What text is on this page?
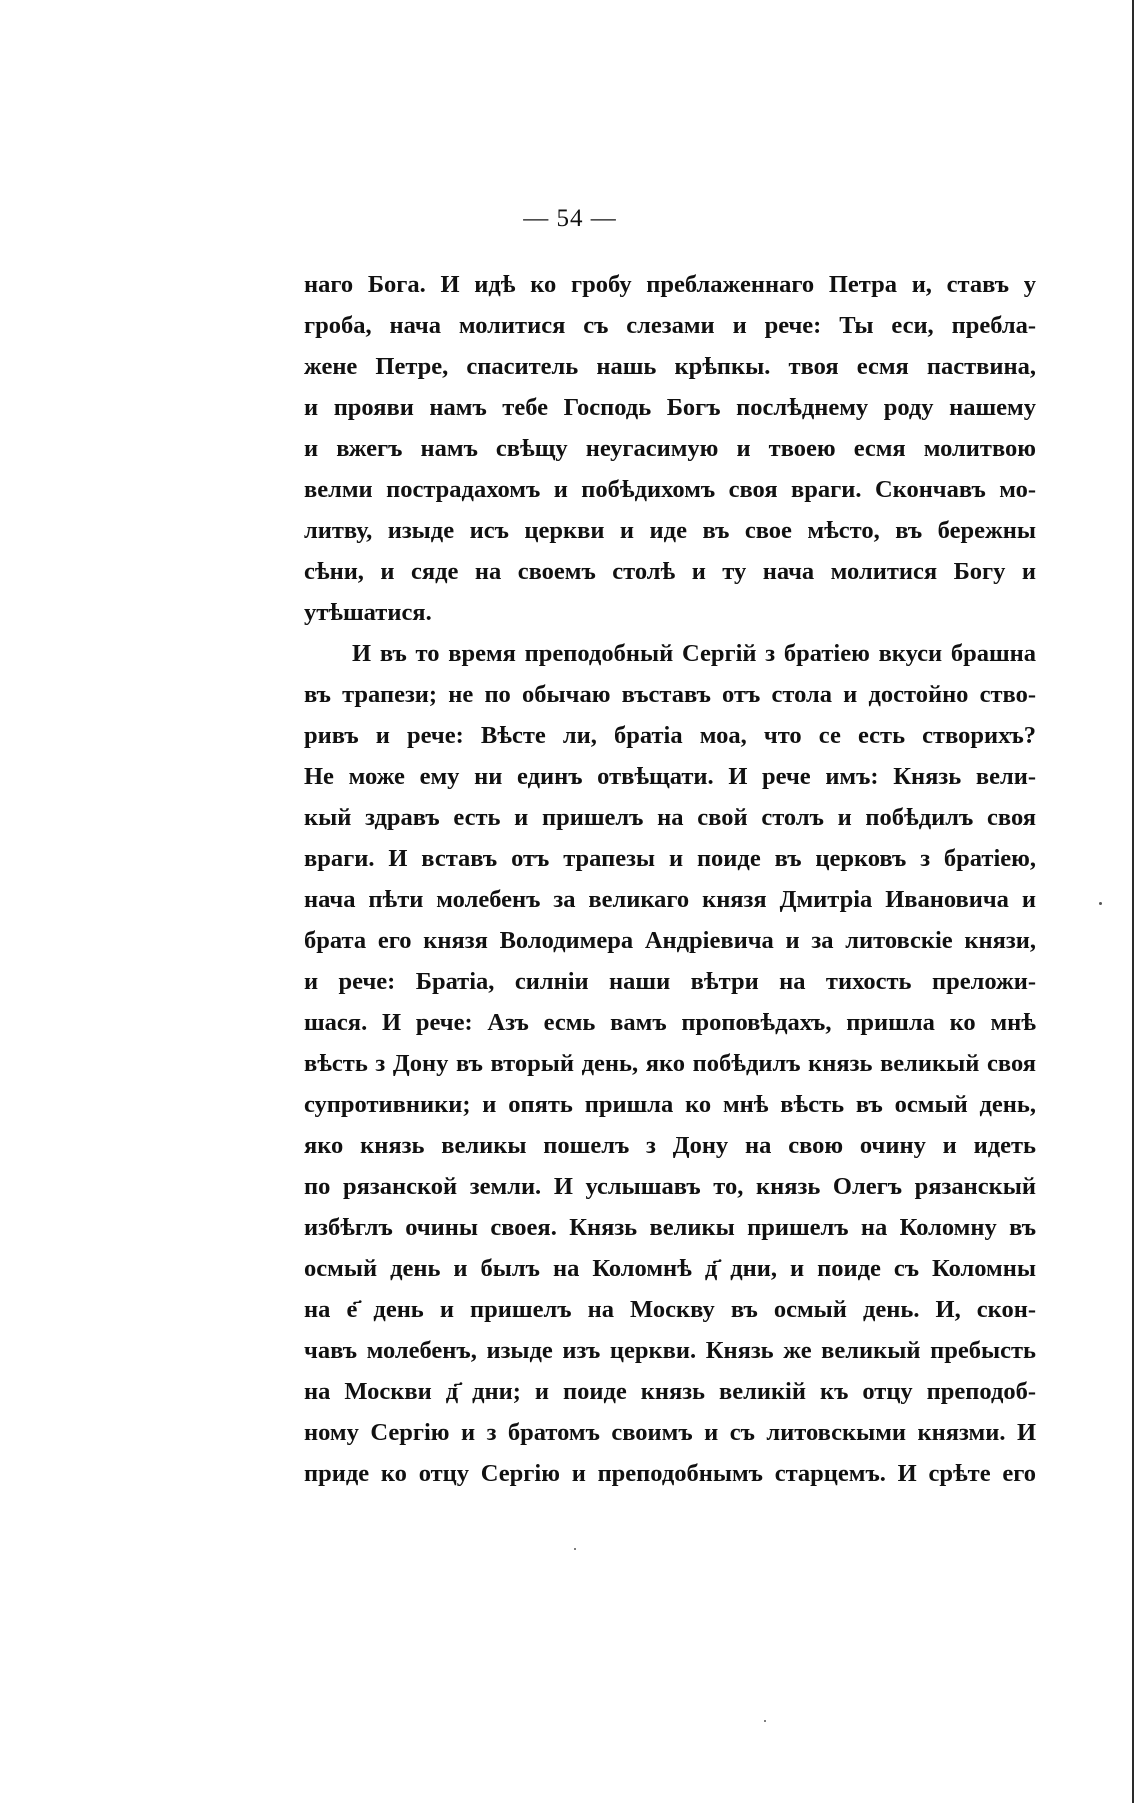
— 54 —
наго Бога. И идѣ ко гробу преблаженнаго Петра и, ставъ у
гроба, нача молитися съ слезами и рече: Ты еси, пребла-
жене Петре, спаситель нашь крѣпкы. твоя есмя паствина,
и прояви намъ тебе Господь Богъ послѣднему роду нашему
и вжегъ намъ свѣщу неугасимую и твоею есмя молитвою
велми пострадахомъ и побѣдихомъ своя враги. Скончавъ мо-
литву, изыде исъ церкви и иде въ свое мѣсто, въ бережны
сѣни, и сяде на своемъ столѣ и ту нача молитися Богу и
утѣшатися.
И въ то время преподобный Сергій з братіею вкуси брашна
въ трапези; не по обычаю въставъ отъ стола и достойно ство-
ривъ и рече: Вѣсте ли, братіа моа, что се есть створихъ?
Не може ему ни единъ отвѣщати. И рече имъ: Князь вели-
кый здравъ есть и пришелъ на свой столъ и побѣдилъ своя
враги. И вставъ отъ трапезы и поиде въ церковъ з братіею,
нача пѣти молебенъ за великаго князя Дмитріа Ивановича и
брата его князя Володимера Андріевича и за литовскіе князи,
и рече: Братіа, силніи наши вѣтри на тихость преложи-
шася. И рече: Азъ есмь вамъ проповѣдахъ, пришла ко мнѣ
вѣсть з Дону въ вторый день, яко побѣдилъ князь великый своя
супротивники; и опять пришла ко мнѣ вѣсть въ осмый день,
яко князь великы пошелъ з Дону на свою очину и идеть
по рязанской земли. И услышавъ то, князь Олегъ рязанскый
избѣглъ очины своея. Князь великы пришелъ на Коломну въ
осмый день и былъ на Коломнѣ д҃ дни, и поиде съ Коломны
на е҃ день и пришелъ на Москву въ осмый день. И, скон-
чавъ молебенъ, изыде изъ церкви. Князь же великый пребысть
на Москви д҃ дни; и поиде князь великій къ отцу преподоб-
ному Сергію и з братомъ своимъ и съ литовскыми князми. И
приде ко отцу Сергію и преподобнымъ старцемъ. И срѣте его
